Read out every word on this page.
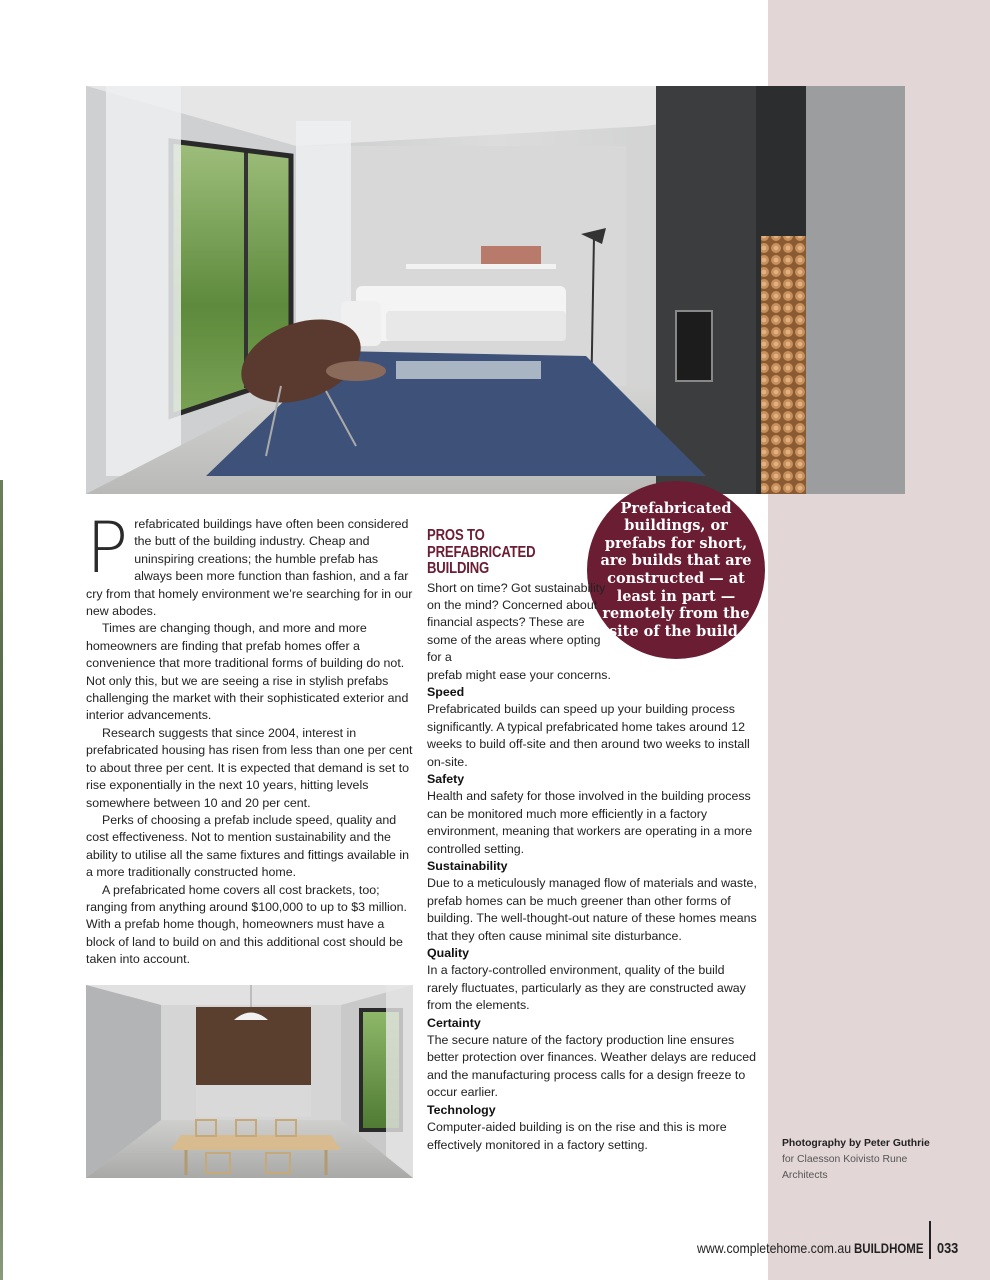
Prefabricated buildings, or prefabs for short, are builds that are constructed — at least in part — remotely from the site of the build.

Prefabricated buildings have often been considered the butt of the building industry. Cheap and uninspiring creations; the humble prefab has always been more function than fashion, and a far cry from that homely environment we’re searching for in our new abodes.

Times are changing though, and more and more homeowners are finding that prefab homes offer a convenience that more traditional forms of building do not. Not only this, but we are seeing a rise in stylish prefabs challenging the market with their sophisticated exterior and interior advancements.

Research suggests that since 2004, interest in prefabricated housing has risen from less than one per cent to about three per cent. It is expected that demand is set to rise exponentially in the next 10 years, hitting levels somewhere between 10 and 20 per cent.

Perks of choosing a prefab include speed, quality and cost effectiveness. Not to mention sustainability and the ability to utilise all the same fixtures and fittings available in a more traditionally constructed home.

A prefabricated home covers all cost brackets, too; ranging from anything around $100,000 to up to $3 million. With a prefab home though, homeowners must have a block of land to build on and this additional cost should be taken into account.

PROS TO PREFABRICATED BUILDING

Short on time? Got sustainability on the mind? Concerned about financial aspects? These are some of the areas where opting for a

prefab might ease your concerns.

Speed

Prefabricated builds can speed up your building process significantly. A typical prefabricated home takes around 12 weeks to build off-site and then around two weeks to install on-site.

Safety

Health and safety for those involved in the building process can be monitored much more efficiently in a factory environment, meaning that workers are operating in a more controlled setting.

Sustainability

Due to a meticulously managed flow of materials and waste, prefab homes can be much greener than other forms of building. The well-thought-out nature of these homes means that they often cause minimal site disturbance.

Quality

In a factory-controlled environment, quality of the build rarely fluctuates, particularly as they are constructed away from the elements.

Certainty

The secure nature of the factory production line ensures better protection over finances. Weather delays are reduced and the manufacturing process calls for a design freeze to occur earlier.

Technology

Computer-aided building is on the rise and this is more effectively monitored in a factory setting.	Photography by Peter Guthrie for Claesson Koivisto Rune Architects
www.completehome.com.au BUILDHOME 033
